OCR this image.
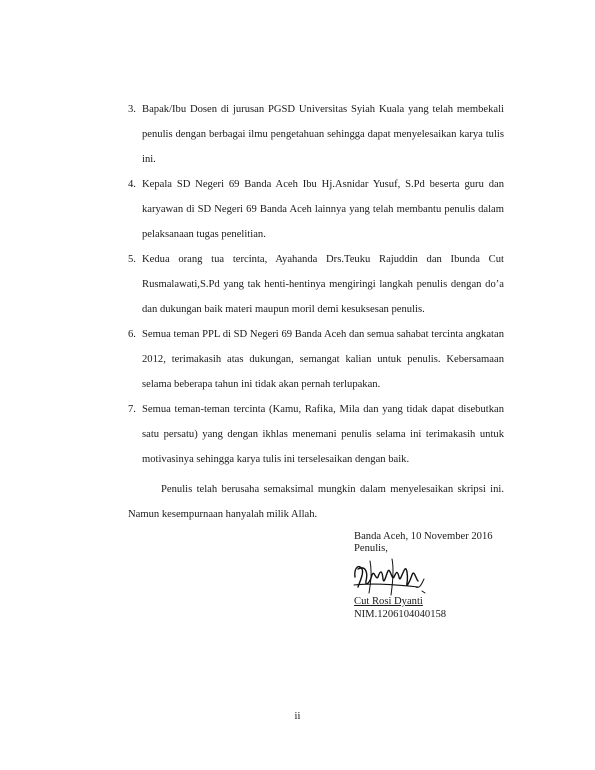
3. Bapak/Ibu Dosen di jurusan PGSD Universitas Syiah Kuala yang telah membekali penulis dengan berbagai ilmu pengetahuan sehingga dapat menyelesaikan karya tulis ini.
4. Kepala SD Negeri 69 Banda Aceh Ibu Hj.Asnidar Yusuf, S.Pd beserta guru dan karyawan di SD Negeri 69 Banda Aceh lainnya yang telah membantu penulis dalam pelaksanaan tugas penelitian.
5. Kedua orang tua tercinta, Ayahanda Drs.Teuku Rajuddin dan Ibunda Cut Rusmalawati,S.Pd yang tak henti-hentinya mengiringi langkah penulis dengan do’a dan dukungan baik materi maupun moril demi kesuksesan penulis.
6. Semua teman PPL di SD Negeri 69 Banda Aceh dan semua sahabat tercinta angkatan 2012, terimakasih atas dukungan, semangat kalian untuk penulis. Kebersamaan selama beberapa tahun ini tidak akan pernah terlupakan.
7. Semua teman-teman tercinta (Kamu, Rafika, Mila dan yang tidak dapat disebutkan satu persatu) yang dengan ikhlas menemani penulis selama ini terimakasih untuk motivasinya sehingga karya tulis ini terselesaikan dengan baik.

Penulis telah berusaha semaksimal mungkin dalam menyelesaikan skripsi ini. Namun kesempurnaan hanyalah milik Allah.

Banda Aceh, 10 November 2016
Penulis,
Cut Rosi Dyanti
NIM.1206104040158
ii
